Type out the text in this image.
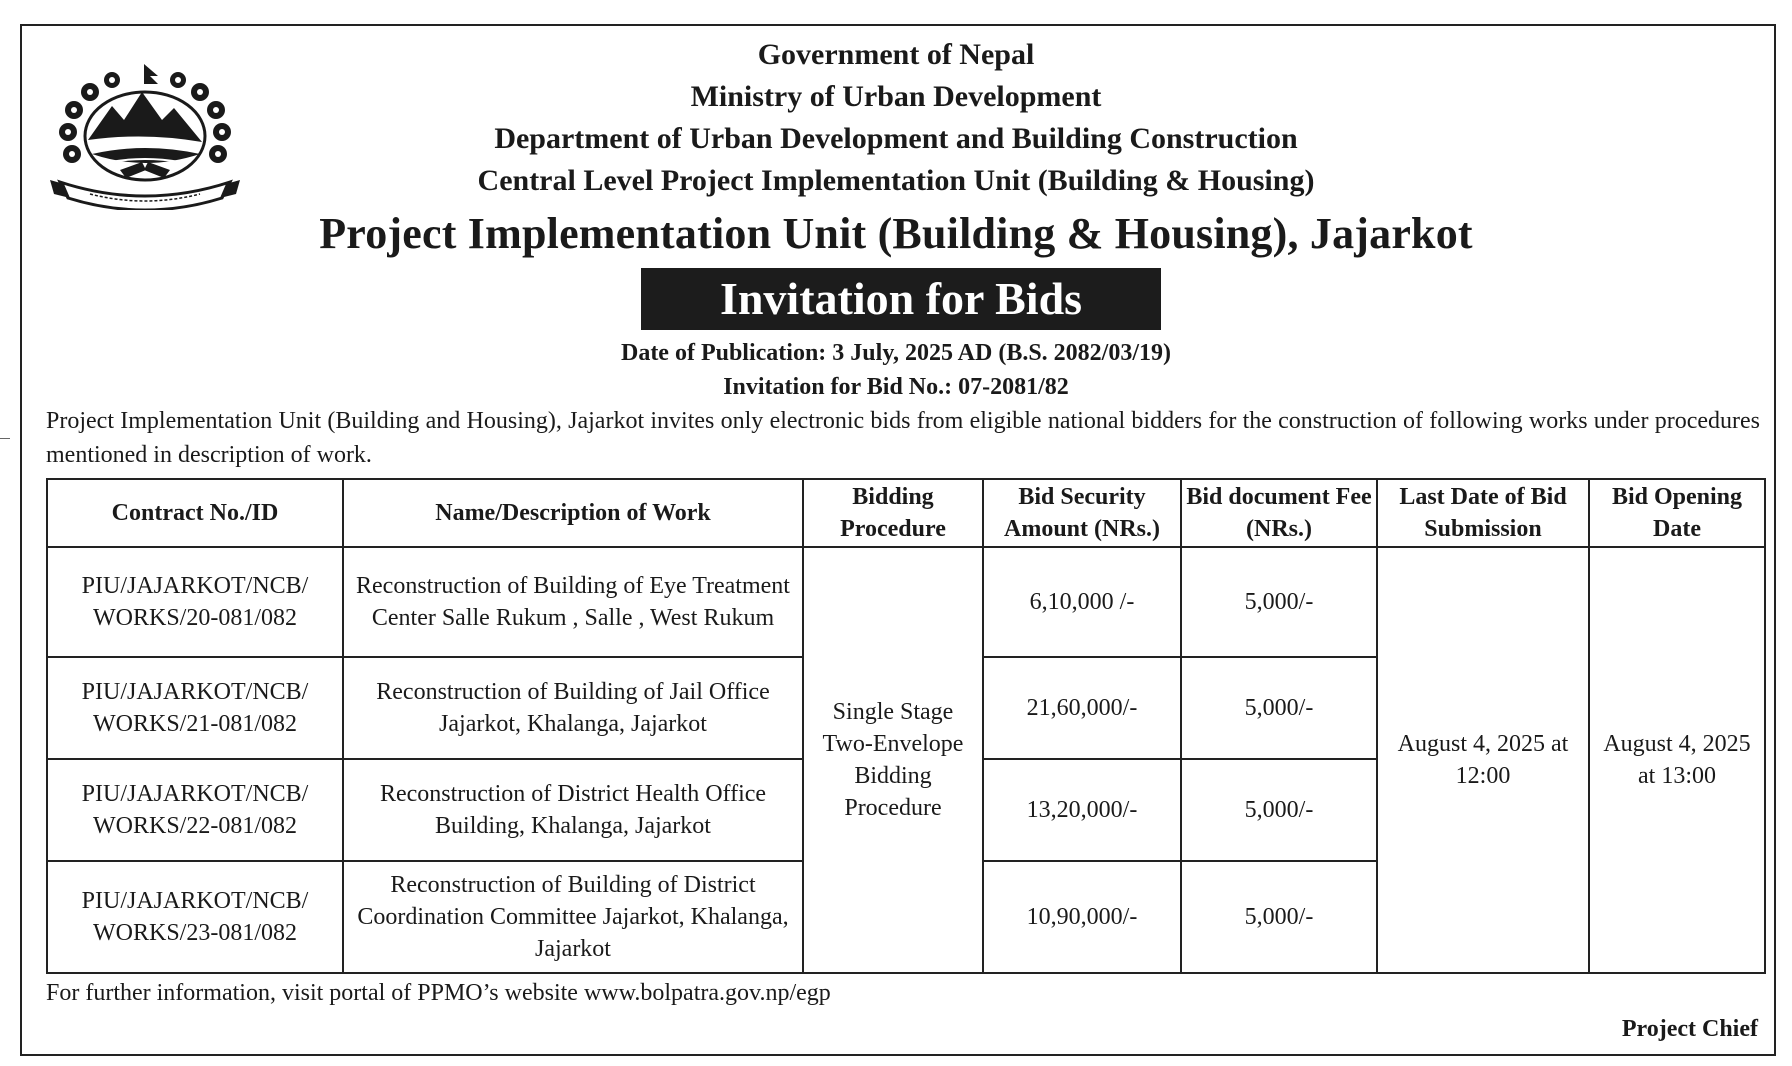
Government of Nepal
Ministry of Urban Development
Department of Urban Development and Building Construction
Central Level Project Implementation Unit (Building & Housing)
Project Implementation Unit (Building & Housing), Jajarkot
Invitation for Bids
Date of Publication: 3 July, 2025 AD (B.S. 2082/03/19)
Invitation for Bid No.: 07-2081/82
Project Implementation Unit (Building and Housing), Jajarkot invites only electronic bids from eligible national bidders for the construction of following works under procedures mentioned in description of work.
Contract No./ID	Name/Description of Work	Bidding Procedure	Bid Security Amount (NRs.)	Bid document Fee (NRs.)	Last Date of Bid Submission	Bid Opening Date
PIU/JAJARKOT/NCB/ WORKS/20-081/082	Reconstruction of Building of Eye Treatment Center Salle Rukum , Salle , West Rukum	Single Stage Two-Envelope Bidding Procedure	6,10,000 /-	5,000/-	August 4, 2025 at 12:00	August 4, 2025 at 13:00
PIU/JAJARKOT/NCB/ WORKS/21-081/082	Reconstruction of Building of Jail Office Jajarkot, Khalanga, Jajarkot		21,60,000/-	5,000/-		
PIU/JAJARKOT/NCB/ WORKS/22-081/082	Reconstruction of District Health Office Building, Khalanga, Jajarkot		13,20,000/-	5,000/-		
PIU/JAJARKOT/NCB/ WORKS/23-081/082	Reconstruction of Building of District Coordination Committee Jajarkot, Khalanga, Jajarkot		10,90,000/-	5,000/-		
For further information, visit portal of PPMO’s website www.bolpatra.gov.np/egp
Project Chief
